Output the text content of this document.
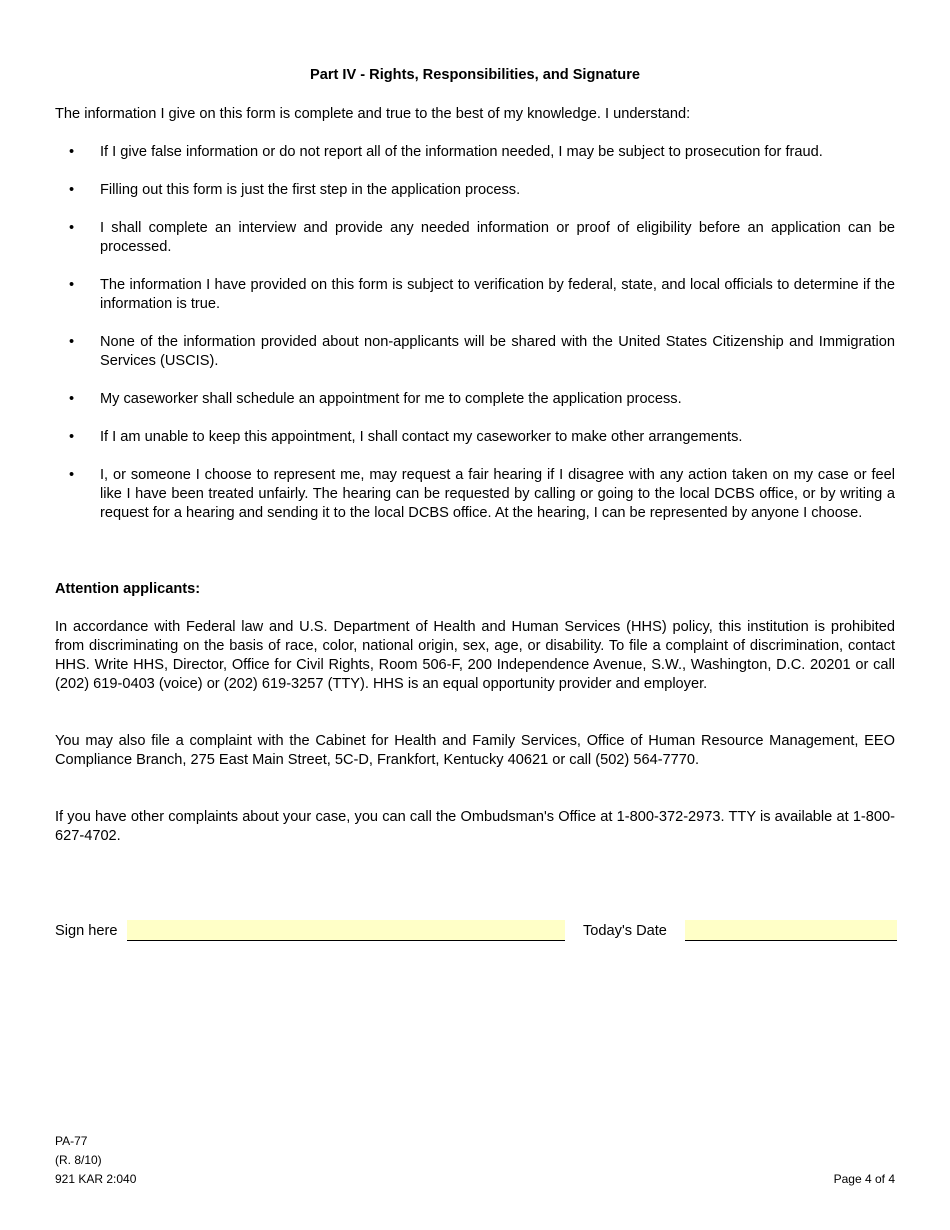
Part IV - Rights, Responsibilities, and Signature
The information I give on this form is complete and true to the best of my knowledge. I understand:
• If I give false information or do not report all of the information needed, I may be subject to prosecution for fraud.
• Filling out this form is just the first step in the application process.
• I shall complete an interview and provide any needed information or proof of eligibility before an application can be processed.
• The information I have provided on this form is subject to verification by federal, state, and local officials to determine if the information is true.
• None of the information provided about non-applicants will be shared with the United States Citizenship and Immigration Services (USCIS).
• My caseworker shall schedule an appointment for me to complete the application process.
• If I am unable to keep this appointment, I shall contact my caseworker to make other arrangements.
• I, or someone I choose to represent me, may request a fair hearing if I disagree with any action taken on my case or feel like I have been treated unfairly. The hearing can be requested by calling or going to the local DCBS office, or by writing a request for a hearing and sending it to the local DCBS office. At the hearing, I can be represented by anyone I choose.
Attention applicants:
In accordance with Federal law and U.S. Department of Health and Human Services (HHS) policy, this institution is prohibited from discriminating on the basis of race, color, national origin, sex, age, or disability. To file a complaint of discrimination, contact HHS. Write HHS, Director, Office for Civil Rights, Room 506-F, 200 Independence Avenue, S.W., Washington, D.C. 20201 or call (202) 619-0403 (voice) or (202) 619-3257 (TTY). HHS is an equal opportunity provider and employer.
You may also file a complaint with the Cabinet for Health and Family Services, Office of Human Resource Management, EEO Compliance Branch, 275 East Main Street, 5C-D, Frankfort, Kentucky 40621 or call (502) 564-7770.
If you have other complaints about your case, you can call the Ombudsman's Office at 1-800-372-2973. TTY is available at 1-800-627-4702.
Sign here	Today's Date
PA-77
(R. 8/10)
921 KAR 2:040	Page 4 of 4
